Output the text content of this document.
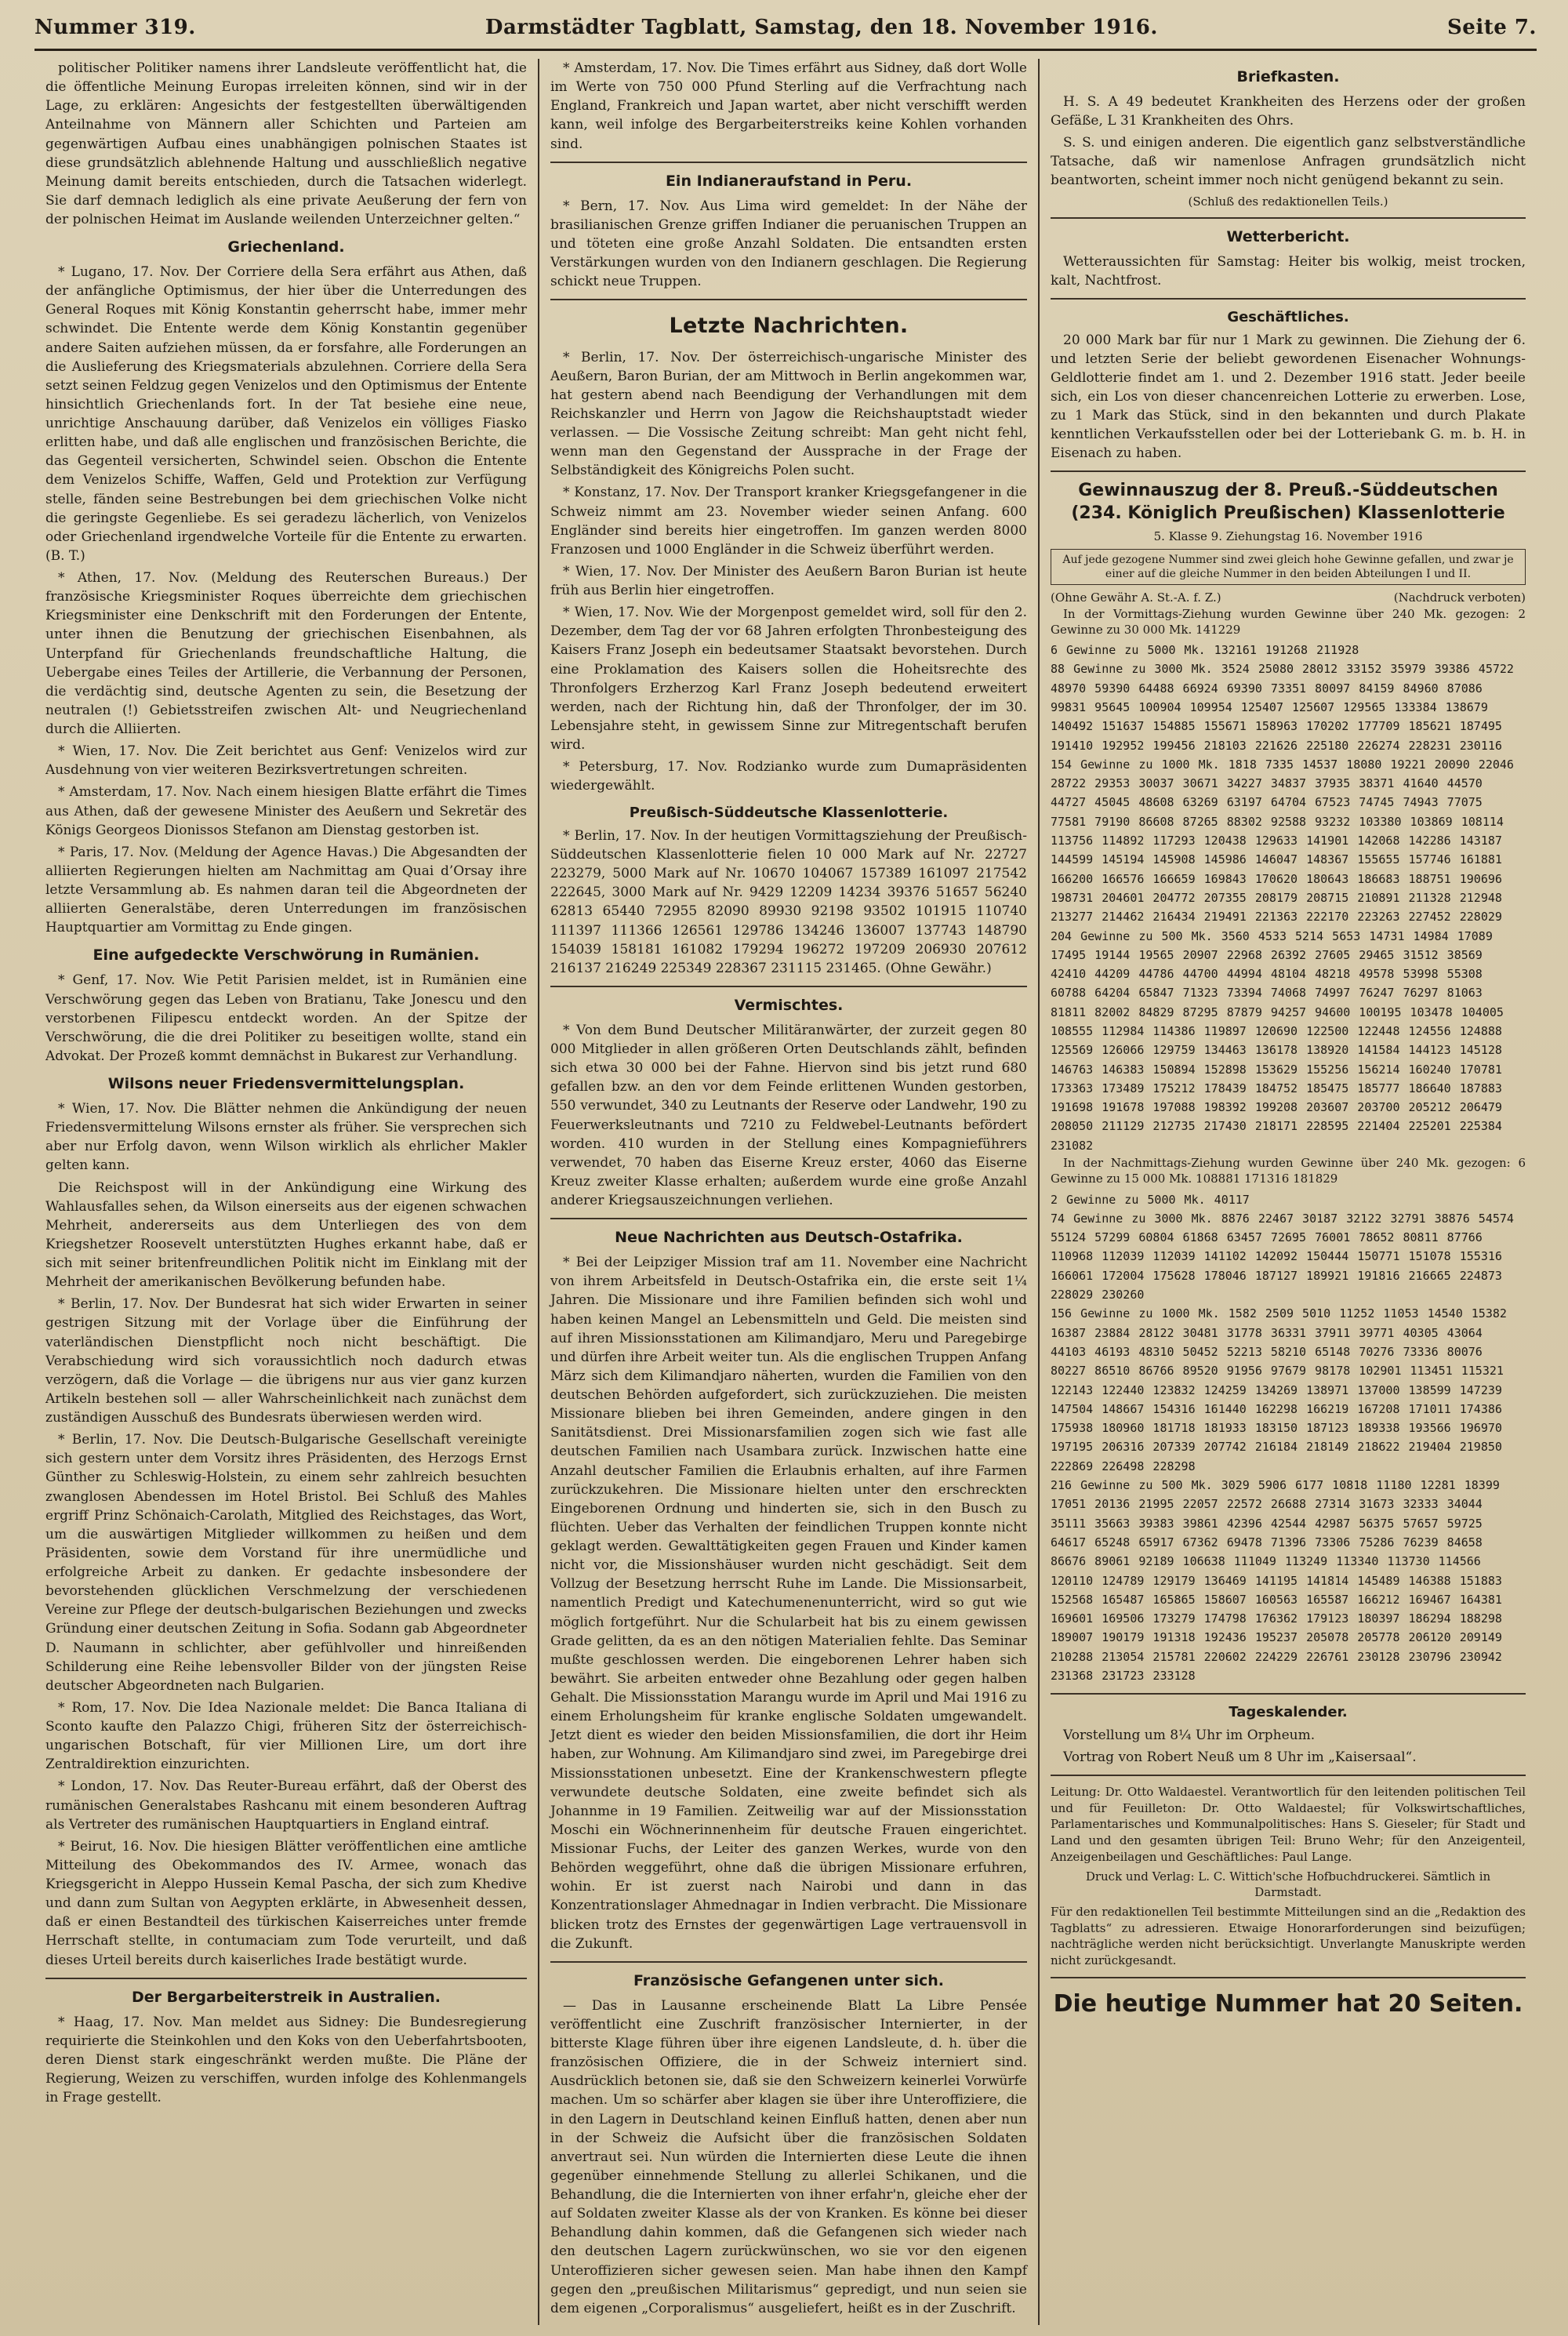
Nummer 319.	Darmstädter Tagblatt, Samstag, den 18. November 1916.	Seite 7.

politischer Politiker namens ihrer Landsleute veröffentlicht hat, die die öffentliche Meinung Europas irreleiten können, sind wir in der Lage, zu erklären: Angesichts der festgestellten überwältigenden Anteilnahme von Männern aller Schichten und Parteien am gegenwärtigen Aufbau eines unabhängigen polnischen Staates ist diese grundsätzlich ablehnende Haltung und ausschließlich negative Meinung damit bereits entschieden, durch die Tatsachen widerlegt. Sie darf demnach lediglich als eine private Aeußerung der fern von der polnischen Heimat im Auslande weilenden Unterzeichner gelten.“

Griechenland.

* Lugano, 17. Nov. Der Corriere della Sera erfährt aus Athen, daß der anfängliche Optimismus, der hier über die Unterredungen des General Roques mit König Konstantin geherrscht habe, immer mehr schwindet. Die Entente werde dem König Konstantin gegenüber andere Saiten aufziehen müssen, da er forsfahre, alle Forderungen an die Auslieferung des Kriegsmaterials abzulehnen. Corriere della Sera setzt seinen Feldzug gegen Venizelos und den Optimismus der Entente hinsichtlich Griechenlands fort. In der Tat besiehe eine neue, unrichtige Anschauung darüber, daß Venizelos ein völliges Fiasko erlitten habe, und daß alle englischen und französischen Berichte, die das Gegenteil versicherten, Schwindel seien. Obschon die Entente dem Venizelos Schiffe, Waffen, Geld und Protektion zur Verfügung stelle, fänden seine Bestrebungen bei dem griechischen Volke nicht die geringste Gegenliebe. Es sei geradezu lächerlich, von Venizelos oder Griechenland irgendwelche Vorteile für die Entente zu erwarten. (B. T.)

* Athen, 17. Nov. (Meldung des Reuterschen Bureaus.) Der französische Kriegsminister Roques überreichte dem griechischen Kriegsminister eine Denkschrift mit den Forderungen der Entente, unter ihnen die Benutzung der griechischen Eisenbahnen, als Unterpfand für Griechenlands freundschaftliche Haltung, die Uebergabe eines Teiles der Artillerie, die Verbannung der Personen, die verdächtig sind, deutsche Agenten zu sein, die Besetzung der neutralen (!) Gebietsstreifen zwischen Alt- und Neugriechenland durch die Alliierten.

* Wien, 17. Nov. Die Zeit berichtet aus Genf: Venizelos wird zur Ausdehnung von vier weiteren Bezirksvertretungen schreiten.

* Amsterdam, 17. Nov. Nach einem hiesigen Blatte erfährt die Times aus Athen, daß der gewesene Minister des Aeußern und Sekretär des Königs Georgeos Dionissos Stefanon am Dienstag gestorben ist.

* Paris, 17. Nov. (Meldung der Agence Havas.) Die Abgesandten der alliierten Regierungen hielten am Nachmittag am Quai d’Orsay ihre letzte Versammlung ab. Es nahmen daran teil die Abgeordneten der alliierten Generalstäbe, deren Unterredungen im französischen Hauptquartier am Vormittag zu Ende gingen.

Eine aufgedeckte Verschwörung in Rumänien.

* Genf, 17. Nov. Wie Petit Parisien meldet, ist in Rumänien eine Verschwörung gegen das Leben von Bratianu, Take Jonescu und den verstorbenen Filipescu entdeckt worden. An der Spitze der Verschwörung, die die drei Politiker zu beseitigen wollte, stand ein Advokat. Der Prozeß kommt demnächst in Bukarest zur Verhandlung.

Wilsons neuer Friedensvermittelungsplan.

* Wien, 17. Nov. Die Blätter nehmen die Ankündigung der neuen Friedensvermittelung Wilsons ernster als früher. Sie versprechen sich aber nur Erfolg davon, wenn Wilson wirklich als ehrlicher Makler gelten kann.

Die Reichspost will in der Ankündigung eine Wirkung des Wahlausfalles sehen, da Wilson einerseits aus der eigenen schwachen Mehrheit, andererseits aus dem Unterliegen des von dem Kriegshetzer Roosevelt unterstützten Hughes erkannt habe, daß er sich mit seiner britenfreundlichen Politik nicht im Einklang mit der Mehrheit der amerikanischen Bevölkerung befunden habe.

* Berlin, 17. Nov. Der Bundesrat hat sich wider Erwarten in seiner gestrigen Sitzung mit der Vorlage über die Einführung der vaterländischen Dienstpflicht noch nicht beschäftigt. Die Verabschiedung wird sich voraussichtlich noch dadurch etwas verzögern, daß die Vorlage — die übrigens nur aus vier ganz kurzen Artikeln bestehen soll — aller Wahrscheinlichkeit nach zunächst dem zuständigen Ausschuß des Bundesrats überwiesen werden wird.

* Berlin, 17. Nov. Die Deutsch-Bulgarische Gesellschaft vereinigte sich gestern unter dem Vorsitz ihres Präsidenten, des Herzogs Ernst Günther zu Schleswig-Holstein, zu einem sehr zahlreich besuchten zwanglosen Abendessen im Hotel Bristol. Bei Schluß des Mahles ergriff Prinz Schönaich-Carolath, Mitglied des Reichstages, das Wort, um die auswärtigen Mitglieder willkommen zu heißen und dem Präsidenten, sowie dem Vorstand für ihre unermüdliche und erfolgreiche Arbeit zu danken. Er gedachte insbesondere der bevorstehenden glücklichen Verschmelzung der verschiedenen Vereine zur Pflege der deutsch-bulgarischen Beziehungen und zwecks Gründung einer deutschen Zeitung in Sofia. Sodann gab Abgeordneter D. Naumann in schlichter, aber gefühlvoller und hinreißenden Schilderung eine Reihe lebensvoller Bilder von der jüngsten Reise deutscher Abgeordneten nach Bulgarien.

* Rom, 17. Nov. Die Idea Nazionale meldet: Die Banca Italiana di Sconto kaufte den Palazzo Chigi, früheren Sitz der österreichisch-ungarischen Botschaft, für vier Millionen Lire, um dort ihre Zentraldirektion einzurichten.

* London, 17. Nov. Das Reuter-Bureau erfährt, daß der Oberst des rumänischen Generalstabes Rashcanu mit einem besonderen Auftrag als Vertreter des rumänischen Hauptquartiers in England eintraf.

* Beirut, 16. Nov. Die hiesigen Blätter veröffentlichen eine amtliche Mitteilung des Obekommandos des IV. Armee, wonach das Kriegsgericht in Aleppo Hussein Kemal Pascha, der sich zum Khedive und dann zum Sultan von Aegypten erklärte, in Abwesenheit dessen, daß er einen Bestandteil des türkischen Kaiserreiches unter fremde Herrschaft stellte, in contumaciam zum Tode verurteilt, und daß dieses Urteil bereits durch kaiserliches Irade bestätigt wurde.

Der Bergarbeiterstreik in Australien.

* Haag, 17. Nov. Man meldet aus Sidney: Die Bundesregierung requirierte die Steinkohlen und den Koks von den Ueberfahrtsbooten, deren Dienst stark eingeschränkt werden mußte. Die Pläne der Regierung, Weizen zu verschiffen, wurden infolge des Kohlenmangels in Frage gestellt.

* Amsterdam, 17. Nov. Die Times erfährt aus Sidney, daß dort Wolle im Werte von 750 000 Pfund Sterling auf die Verfrachtung nach England, Frankreich und Japan wartet, aber nicht verschifft werden kann, weil infolge des Bergarbeiterstreiks keine Kohlen vorhanden sind.

Ein Indianeraufstand in Peru.

* Bern, 17. Nov. Aus Lima wird gemeldet: In der Nähe der brasilianischen Grenze griffen Indianer die peruanischen Truppen an und töteten eine große Anzahl Soldaten. Die entsandten ersten Verstärkungen wurden von den Indianern geschlagen. Die Regierung schickt neue Truppen.

Letzte Nachrichten.

* Berlin, 17. Nov. Der österreichisch-ungarische Minister des Aeußern, Baron Burian, der am Mittwoch in Berlin angekommen war, hat gestern abend nach Beendigung der Verhandlungen mit dem Reichskanzler und Herrn von Jagow die Reichshauptstadt wieder verlassen. — Die Vossische Zeitung schreibt: Man geht nicht fehl, wenn man den Gegenstand der Aussprache in der Frage der Selbständigkeit des Königreichs Polen sucht.

* Konstanz, 17. Nov. Der Transport kranker Kriegsgefangener in die Schweiz nimmt am 23. November wieder seinen Anfang. 600 Engländer sind bereits hier eingetroffen. Im ganzen werden 8000 Franzosen und 1000 Engländer in die Schweiz überführt werden.

* Wien, 17. Nov. Der Minister des Aeußern Baron Burian ist heute früh aus Berlin hier eingetroffen.

* Wien, 17. Nov. Wie der Morgenpost gemeldet wird, soll für den 2. Dezember, dem Tag der vor 68 Jahren erfolgten Thronbesteigung des Kaisers Franz Joseph ein bedeutsamer Staatsakt bevorstehen. Durch eine Proklamation des Kaisers sollen die Hoheitsrechte des Thronfolgers Erzherzog Karl Franz Joseph bedeutend erweitert werden, nach der Richtung hin, daß der Thronfolger, der im 30. Lebensjahre steht, in gewissem Sinne zur Mitregentschaft berufen wird.

* Petersburg, 17. Nov. Rodzianko wurde zum Dumapräsidenten wiedergewählt.

Preußisch-Süddeutsche Klassenlotterie.

* Berlin, 17. Nov. In der heutigen Vormittagsziehung der Preußisch-Süddeutschen Klassenlotterie fielen 10 000 Mark auf Nr. 22727 223279, 5000 Mark auf Nr. 10670 104067 157389 161097 217542 222645, 3000 Mark auf Nr. 9429 12209 14234 39376 51657 56240 62813 65440 72955 82090 89930 92198 93502 101915 110740 111397 111366 126561 129786 134246 136007 137743 148790 154039 158181 161082 179294 196272 197209 206930 207612 216137 216249 225349 228367 231115 231465. (Ohne Gewähr.)

Vermischtes.

* Von dem Bund Deutscher Militäranwärter, der zurzeit gegen 80 000 Mitglieder in allen größeren Orten Deutschlands zählt, befinden sich etwa 30 000 bei der Fahne. Hiervon sind bis jetzt rund 680 gefallen bzw. an den vor dem Feinde erlittenen Wunden gestorben, 550 verwundet, 340 zu Leutnants der Reserve oder Landwehr, 190 zu Feuerwerksleutnants und 7210 zu Feldwebel-Leutnants befördert worden. 410 wurden in der Stellung eines Kompagnieführers verwendet, 70 haben das Eiserne Kreuz erster, 4060 das Eiserne Kreuz zweiter Klasse erhalten; außerdem wurde eine große Anzahl anderer Kriegsauszeichnungen verliehen.

Neue Nachrichten aus Deutsch-Ostafrika.

* Bei der Leipziger Mission traf am 11. November eine Nachricht von ihrem Arbeitsfeld in Deutsch-Ostafrika ein, die erste seit 1¼ Jahren. Die Missionare und ihre Familien befinden sich wohl und haben keinen Mangel an Lebensmitteln und Geld. Die meisten sind auf ihren Missionsstationen am Kilimandjaro, Meru und Paregebirge und dürfen ihre Arbeit weiter tun. Als die englischen Truppen Anfang März sich dem Kilimandjaro näherten, wurden die Familien von den deutschen Behörden aufgefordert, sich zurückzuziehen. Die meisten Missionare blieben bei ihren Gemeinden, andere gingen in den Sanitätsdienst. Drei Missionarsfamilien zogen sich wie fast alle deutschen Familien nach Usambara zurück. Inzwischen hatte eine Anzahl deutscher Familien die Erlaubnis erhalten, auf ihre Farmen zurückzukehren. Die Missionare hielten unter den erschreckten Eingeborenen Ordnung und hinderten sie, sich in den Busch zu flüchten. Ueber das Verhalten der feindlichen Truppen konnte nicht geklagt werden. Gewalttätigkeiten gegen Frauen und Kinder kamen nicht vor, die Missionshäuser wurden nicht geschädigt. Seit dem Vollzug der Besetzung herrscht Ruhe im Lande. Die Missionsarbeit, namentlich Predigt und Katechumenenunterricht, wird so gut wie möglich fortgeführt. Nur die Schularbeit hat bis zu einem gewissen Grade gelitten, da es an den nötigen Materialien fehlte. Das Seminar mußte geschlossen werden. Die eingeborenen Lehrer haben sich bewährt. Sie arbeiten entweder ohne Bezahlung oder gegen halben Gehalt. Die Missionsstation Marangu wurde im April und Mai 1916 zu einem Erholungsheim für kranke englische Soldaten umgewandelt. Jetzt dient es wieder den beiden Missionsfamilien, die dort ihr Heim haben, zur Wohnung. Am Kilimandjaro sind zwei, im Paregebirge drei Missionsstationen unbesetzt. Eine der Krankenschwestern pflegte verwundete deutsche Soldaten, eine zweite befindet sich als Johannme in 19 Familien. Zeitweilig war auf der Missionsstation Moschi ein Wöchnerinnenheim für deutsche Frauen eingerichtet. Missionar Fuchs, der Leiter des ganzen Werkes, wurde von den Behörden weggeführt, ohne daß die übrigen Missionare erfuhren, wohin. Er ist zuerst nach Nairobi und dann in das Konzentrationslager Ahmednagar in Indien verbracht. Die Missionare blicken trotz des Ernstes der gegenwärtigen Lage vertrauensvoll in die Zukunft.

Französische Gefangenen unter sich.

— Das in Lausanne erscheinende Blatt La Libre Pensée veröffentlicht eine Zuschrift französischer Internierter, in der bitterste Klage führen über ihre eigenen Landsleute, d. h. über die französischen Offiziere, die in der Schweiz interniert sind. Ausdrücklich betonen sie, daß sie den Schweizern keinerlei Vorwürfe machen. Um so schärfer aber klagen sie über ihre Unteroffiziere, die in den Lagern in Deutschland keinen Einfluß hatten, denen aber nun in der Schweiz die Aufsicht über die französischen Soldaten anvertraut sei. Nun würden die Internierten diese Leute die ihnen gegenüber einnehmende Stellung zu allerlei Schikanen, und die Behandlung, die die Internierten von ihner erfahr'n, gleiche eher der auf Soldaten zweiter Klasse als der von Kranken. Es könne bei dieser Behandlung dahin kommen, daß die Gefangenen sich wieder nach den deutschen Lagern zurückwünschen, wo sie vor den eigenen Unteroffizieren sicher gewesen seien. Man habe ihnen den Kampf gegen den „preußischen Militarismus“ gepredigt, und nun seien sie dem eigenen „Corporalismus“ ausgeliefert, heißt es in der Zuschrift.

Briefkasten.

H. S. A 49 bedeutet Krankheiten des Herzens oder der großen Gefäße, L 31 Krankheiten des Ohrs.

S. S. und einigen anderen. Die eigentlich ganz selbstverständliche Tatsache, daß wir namenlose Anfragen grundsätzlich nicht beantworten, scheint immer noch nicht genügend bekannt zu sein.

(Schluß des redaktionellen Teils.)

Wetterbericht.

Wetteraussichten für Samstag: Heiter bis wolkig, meist trocken, kalt, Nachtfrost.

Geschäftliches.

20 000 Mark bar für nur 1 Mark zu gewinnen. Die Ziehung der 6. und letzten Serie der beliebt gewordenen Eisenacher Wohnungs-Geldlotterie findet am 1. und 2. Dezember 1916 statt. Jeder beeile sich, ein Los von dieser chancenreichen Lotterie zu erwerben. Lose, zu 1 Mark das Stück, sind in den bekannten und durch Plakate kenntlichen Verkaufsstellen oder bei der Lotteriebank G. m. b. H. in Eisenach zu haben.

Gewinnauszug der 8. Preuß.-Süddeutschen (234. Königlich Preußischen) Klassenlotterie

5. Klasse 9. Ziehungstag 16. November 1916

Auf jede gezogene Nummer sind zwei gleich hohe Gewinne gefallen, und zwar je einer auf die gleiche Nummer in den beiden Abteilungen I und II.
(Ohne Gewähr A. St.-A. f. Z.)	(Nachdruck verboten)

In der Vormittags-Ziehung wurden Gewinne über 240 Mk. gezogen: 2 Gewinne zu 30 000 Mk. 141229

6 Gewinne zu 5000 Mk. 132161 191268 211928
88 Gewinne zu 3000 Mk. 3524 25080 28012 33152 35979 39386 45722 48970 59390 64488 66924 69390 73351 80097 84159 84960 87086 99831 95645 100904 109954 125407 125607 129565 133384 138679 140492 151637 154885 155671 158963 170202 177709 185621 187495 191410 192952 199456 218103 221626 225180 226274 228231 230116
154 Gewinne zu 1000 Mk. 1818 7335 14537 18080 19221 20090 22046 28722 29353 30037 30671 34227 34837 37935 38371 41640 44570 44727 45045 48608 63269 63197 64704 67523 74745 74943 77075 77581 79190 86608 87265 88302 92588 93232 103380 103869 108114 113756 114892 117293 120438 129633 141901 142068 142286 143187 144599 145194 145908 145986 146047 148367 155655 157746 161881 166200 166576 166659 169843 170620 180643 186683 188751 190696 198731 204601 204772 207355 208179 208715 210891 211328 212948 213277 214462 216434 219491 221363 222170 223263 227452 228029
204 Gewinne zu 500 Mk. 3560 4533 5214 5653 14731 14984 17089 17495 19144 19565 20907 22968 26392 27605 29465 31512 38569 42410 44209 44786 44700 44994 48104 48218 49578 53998 55308 60788 64204 65847 71323 73394 74068 74997 76247 76297 81063 81811 82002 84829 87295 87879 94257 94600 100195 103478 104005 108555 112984 114386 119897 120690 122500 122448 124556 124888 125569 126066 129759 134463 136178 138920 141584 144123 145128 146763 146383 150894 152898 153629 155256 156214 160240 170781 173363 173489 175212 178439 184752 185475 185777 186640 187883 191698 191678 197088 198392 199208 203607 203700 205212 206479 208050 211129 212735 217430 218171 228595 221404 225201 225384 231082

In der Nachmittags-Ziehung wurden Gewinne über 240 Mk. gezogen: 6 Gewinne zu 15 000 Mk. 108881 171316 181829

2 Gewinne zu 5000 Mk. 40117
74 Gewinne zu 3000 Mk. 8876 22467 30187 32122 32791 38876 54574 55124 57299 60804 61868 63457 72695 76001 78652 80811 87766 110968 112039 112039 141102 142092 150444 150771 151078 155316 166061 172004 175628 178046 187127 189921 191816 216665 224873 228029 230260
156 Gewinne zu 1000 Mk. 1582 2509 5010 11252 11053 14540 15382 16387 23884 28122 30481 31778 36331 37911 39771 40305 43064 44103 46193 48310 50452 52213 58210 65148 70276 73336 80076 80227 86510 86766 89520 91956 97679 98178 102901 113451 115321 122143 122440 123832 124259 134269 138971 137000 138599 147239 147504 148667 154316 161440 162298 166219 167208 171011 174386 175938 180960 181718 181933 183150 187123 189338 193566 196970 197195 206316 207339 207742 216184 218149 218622 219404 219850 222869 226498 228298
216 Gewinne zu 500 Mk. 3029 5906 6177 10818 11180 12281 18399 17051 20136 21995 22057 22572 26688 27314 31673 32333 34044 35111 35663 39383 39861 42396 42544 42987 56375 57657 59725 64617 65248 65917 67362 69478 71396 73306 75286 76239 84658 86676 89061 92189 106638 111049 113249 113340 113730 114566 120110 124789 129179 136469 141195 141814 145489 146388 151883 152568 165487 165865 158607 160563 165587 166212 169467 164381 169601 169506 173279 174798 176362 179123 180397 186294 188298 189007 190179 191318 192436 195237 205078 205778 206120 209149 210288 213054 215781 220602 224229 226761 230128 230796 230942 231368 231723 233128
Tageskalender.

Vorstellung um 8¼ Uhr im Orpheum.

Vortrag von Robert Neuß um 8 Uhr im „Kaisersaal“.

Leitung: Dr. Otto Waldaestel. Verantwortlich für den leitenden politischen Teil und für Feuilleton: Dr. Otto Waldaestel; für Volkswirtschaftliches, Parlamentarisches und Kommunalpolitisches: Hans S. Gieseler; für Stadt und Land und den gesamten übrigen Teil: Bruno Wehr; für den Anzeigenteil, Anzeigenbeilagen und Geschäftliches: Paul Lange.

Druck und Verlag: L. C. Wittich'sche Hofbuchdruckerei. Sämtlich in Darmstadt.

Für den redaktionellen Teil bestimmte Mitteilungen sind an die „Redaktion des Tagblatts“ zu adressieren. Etwaige Honorarforderungen sind beizufügen; nachträgliche werden nicht berücksichtigt. Unverlangte Manuskripte werden nicht zurückgesandt.

Die heutige Nummer hat 20 Seiten.
